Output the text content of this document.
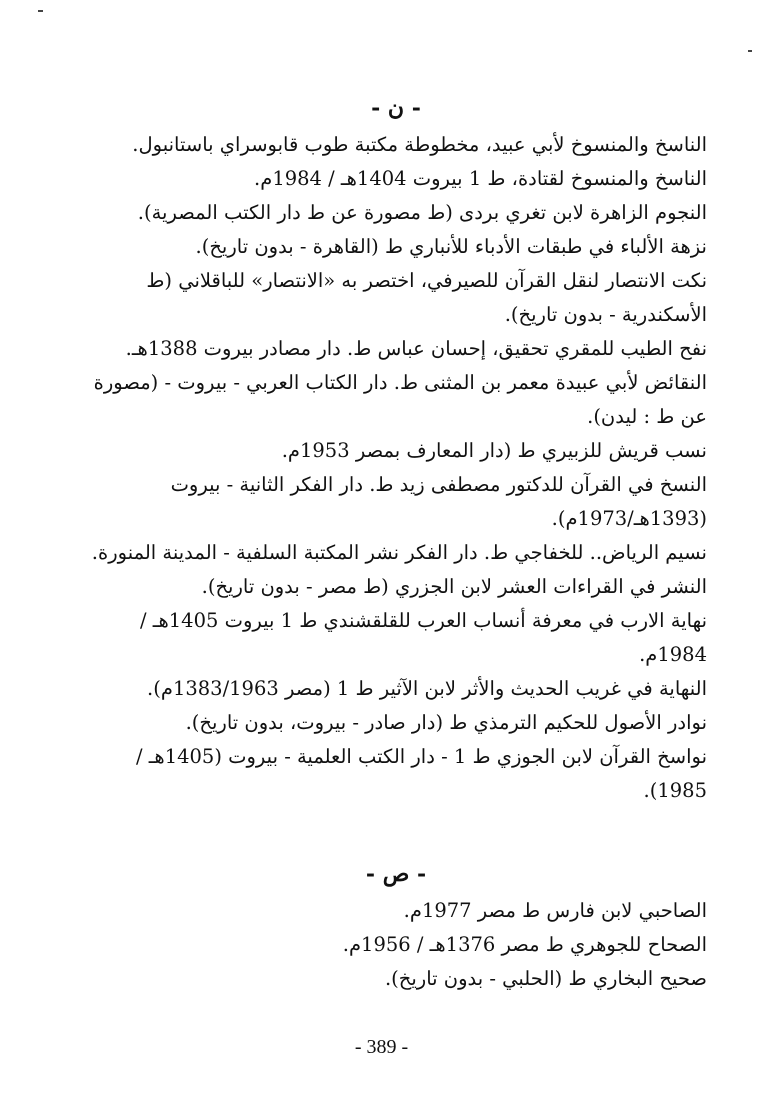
- ن -
الناسخ والمنسوخ لأبي عبيد، مخطوطة مكتبة طوب قابوسراي باستانبول.
الناسخ والمنسوخ لقتادة، ط 1 بيروت 1404هـ / 1984م.
النجوم الزاهرة لابن تغري بردى (ط مصورة عن ط دار الكتب المصرية).
نزهة الألباء في طبقات الأدباء للأنباري ط (القاهرة - بدون تاريخ).
نكت الانتصار لنقل القرآن للصيرفي، اختصر به «الانتصار» للباقلاني (ط الأسكندرية - بدون تاريخ).
نفح الطيب للمقري تحقيق، إحسان عباس ط. دار مصادر بيروت 1388هـ.
النقائض لأبي عبيدة معمر بن المثنى ط. دار الكتاب العربي - بيروت - (مصورة عن ط : ليدن).
نسب قريش للزبيري ط (دار المعارف بمصر 1953م.
النسخ في القرآن للدكتور مصطفى زيد ط. دار الفكر الثانية - بيروت (1393هـ/1973م).
نسيم الرياض.. للخفاجي ط. دار الفكر نشر المكتبة السلفية - المدينة المنورة.
النشر في القراءات العشر لابن الجزري (ط مصر - بدون تاريخ).
نهاية الارب في معرفة أنساب العرب للقلقشندي ط 1 بيروت 1405هـ / 1984م.
النهاية في غريب الحديث والأثر لابن الآثير ط 1 (مصر 1383/1963م).
نوادر الأصول للحكيم الترمذي ط (دار صادر - بيروت، بدون تاريخ).
نواسخ القرآن لابن الجوزي ط 1 - دار الكتب العلمية - بيروت (1405هـ / 1985).
- ص -
الصاحبي لابن فارس ط مصر 1977م.
الصحاح للجوهري ط مصر 1376هـ / 1956م.
صحيح البخاري ط (الحلبي - بدون تاريخ).
- 389 -
